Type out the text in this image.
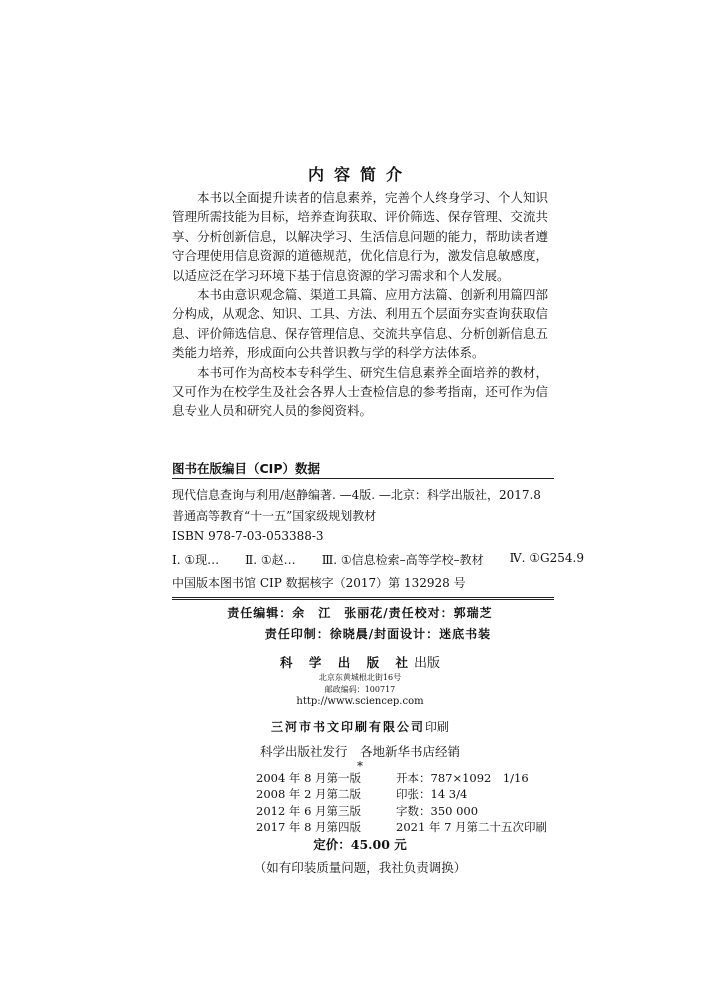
内容简介

本书以全面提升读者的信息素养，完善个人终身学习、个人知识管理所需技能为目标，培养查询获取、评价筛选、保存管理、交流共享、分析创新信息，以解决学习、生活信息问题的能力，帮助读者遵守合理使用信息资源的道德规范，优化信息行为，激发信息敏感度，以适应泛在学习环境下基于信息资源的学习需求和个人发展。

本书由意识观念篇、渠道工具篇、应用方法篇、创新利用篇四部分构成，从观念、知识、工具、方法、利用五个层面夯实查询获取信息、评价筛选信息、保存管理信息、交流共享信息、分析创新信息五类能力培养，形成面向公共普识教与学的科学方法体系。

本书可作为高校本专科学生、研究生信息素养全面培养的教材，又可作为在校学生及社会各界人士查检信息的参考指南，还可作为信息专业人员和研究人员的参阅资料。

图书在版编目（CIP）数据
现代信息查询与利用/赵静编著. —4版. —北京：科学出版社，2017.8
普通高等教育“十一五”国家级规划教材
ISBN 978-7-03-053388-3
Ⅰ. ①现… Ⅱ. ①赵… Ⅲ. ①信息检索–高等学校–教材 Ⅳ. ①G254.9
中国版本图书馆 CIP 数据核字（2017）第 132928 号
责任编辑：余　江　张丽花/责任校对：郭瑞芝
责任印制：徐晓晨/封面设计：迷底书装
科 学 出 版 社出版
北京东黄城根北街16号
邮政编码：100717
http://www.sciencep.com
三河市书文印刷有限公司印刷
科学出版社发行　各地新华书店经销
*
2004 年 8 月第一版
2008 年 2 月第二版
2012 年 6 月第三版
2017 年 8 月第四版
开本：787×1092　1/16
印张：14 3/4
字数：350 000
2021 年 7 月第二十五次印刷
定价：45.00 元
（如有印装质量问题，我社负责调换）
